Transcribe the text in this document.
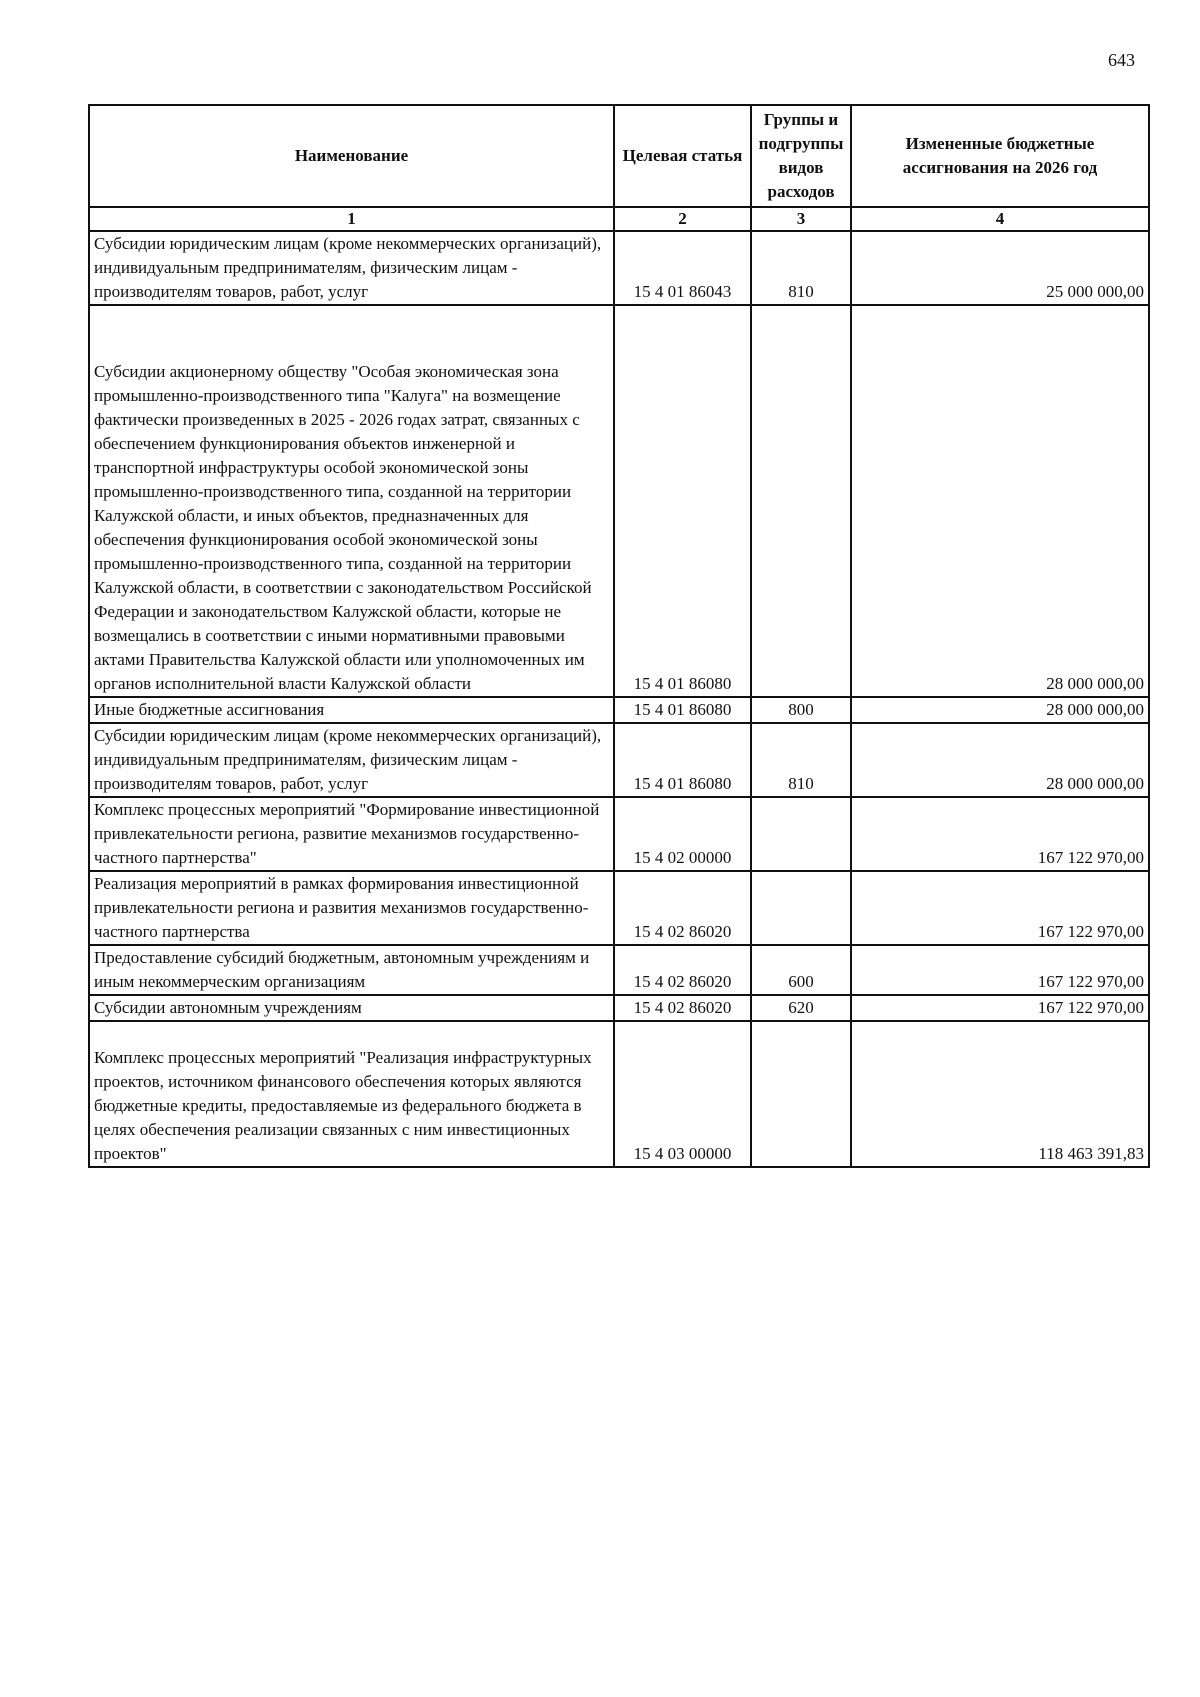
643
Наименование	Целевая статья	Группы и подгруппы видов расходов	Измененные бюджетные ассигнования на 2026 год
1	2	3	4
Субсидии юридическим лицам (кроме некоммерческих организаций), индивидуальным предпринимателям, физическим лицам - производителям товаров, работ, услуг	15 4 01 86043	810	25 000 000,00
Субсидии акционерному обществу "Особая экономическая зона промышленно-производственного типа "Калуга" на возмещение фактически произведенных в 2025 - 2026 годах затрат, связанных с обеспечением функционирования объектов инженерной и транспортной инфраструктуры особой экономической зоны промышленно-производственного типа, созданной на территории Калужской области, и иных объектов, предназначенных для обеспечения функционирования особой экономической зоны промышленно-производственного типа, созданной на территории Калужской области, в соответствии с законодательством Российской Федерации и законодательством Калужской области, которые не возмещались в соответствии с иными нормативными правовыми актами Правительства Калужской области или уполномоченных им органов исполнительной власти Калужской области	15 4 01 86080		28 000 000,00
Иные бюджетные ассигнования	15 4 01 86080	800	28 000 000,00
Субсидии юридическим лицам (кроме некоммерческих организаций), индивидуальным предпринимателям, физическим лицам - производителям товаров, работ, услуг	15 4 01 86080	810	28 000 000,00
Комплекс процессных мероприятий "Формирование инвестиционной привлекательности региона, развитие механизмов государственно-частного партнерства"	15 4 02 00000		167 122 970,00
Реализация мероприятий в рамках формирования инвестиционной привлекательности региона и развития механизмов государственно-частного партнерства	15 4 02 86020		167 122 970,00
Предоставление субсидий бюджетным, автономным учреждениям и иным некоммерческим организациям	15 4 02 86020	600	167 122 970,00
Субсидии автономным учреждениям	15 4 02 86020	620	167 122 970,00
Комплекс процессных мероприятий "Реализация инфраструктурных проектов, источником финансового обеспечения которых являются бюджетные кредиты, предоставляемые из федерального бюджета в целях обеспечения реализации связанных с ним инвестиционных проектов"	15 4 03 00000		118 463 391,83
